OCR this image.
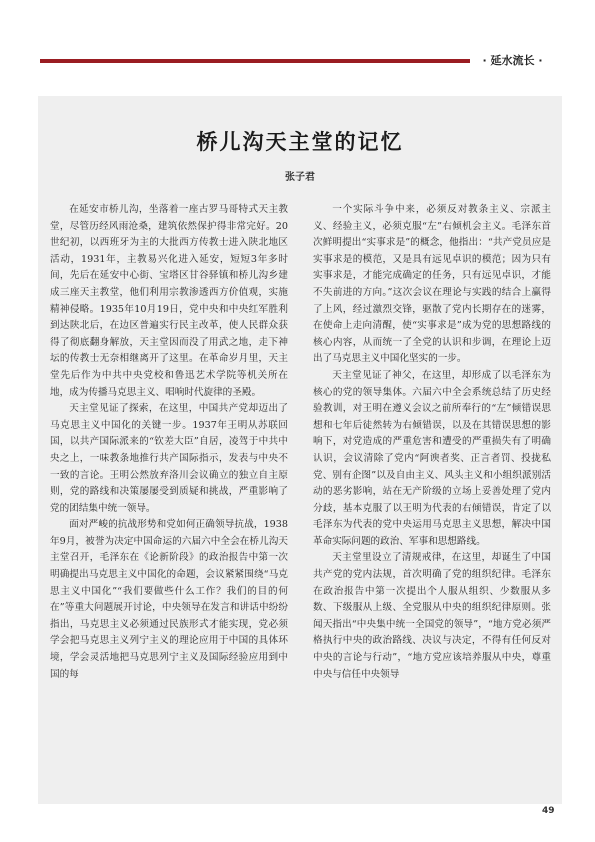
· 延水流长 ·
桥儿沟天主堂的记忆
张子君

在延安市桥儿沟，坐落着一座古罗马哥特式天主教堂，尽管历经风雨沧桑，建筑依然保护得非常完好。20世纪初，以西班牙为主的大批西方传教士进入陕北地区活动，1931年，主教易兴化进入延安，短短3年多时间，先后在延安中心街、宝塔区甘谷驿镇和桥儿沟乡建成三座天主教堂，他们利用宗教渗透西方价值观，实施精神侵略。1935年10月19日，党中央和中央红军胜利到达陕北后，在边区普遍实行民主改革，使人民群众获得了彻底翻身解放，天主堂因而没了用武之地，走下神坛的传教士无奈相继离开了这里。在革命岁月里，天主堂先后作为中共中央党校和鲁迅艺术学院等机关所在地，成为传播马克思主义、唱响时代旋律的圣殿。

天主堂见证了探索，在这里，中国共产党却迈出了马克思主义中国化的关键一步。1937年王明从苏联回国，以共产国际派来的“钦差大臣”自居，凌驾于中共中央之上，一味教条地推行共产国际指示，发表与中央不一致的言论。王明公然放弃洛川会议确立的独立自主原则，党的路线和决策屡屡受到质疑和挑战，严重影响了党的团结集中统一领导。

面对严峻的抗战形势和党如何正确领导抗战，1938年9月，被誉为决定中国命运的六届六中全会在桥儿沟天主堂召开，毛泽东在《论新阶段》的政治报告中第一次明确提出马克思主义中国化的命题，会议紧紧围绕“马克思主义中国化”“我们要做些什么工作？我们的目的何在”等重大问题展开讨论，中央领导在发言和讲话中纷纷指出，马克思主义必须通过民族形式才能实现，党必须学会把马克思主义列宁主义的理论应用于中国的具体环境，学会灵活地把马克思列宁主义及国际经验应用到中国的每

一个实际斗争中来，必须反对教条主义、宗派主义、经验主义，必须克服“左”右倾机会主义。毛泽东首次鲜明提出“实事求是”的概念，他指出：“共产党员应是实事求是的模范，又是具有远见卓识的模范；因为只有实事求是，才能完成确定的任务，只有远见卓识，才能不失前进的方向。”这次会议在理论与实践的结合上赢得了上风，经过激烈交锋，驱散了党内长期存在的迷雾，在使命上走向清醒，使“实事求是”成为党的思想路线的核心内容，从而统一了全党的认识和步调，在理论上迈出了马克思主义中国化坚实的一步。

天主堂见证了神父，在这里，却形成了以毛泽东为核心的党的领导集体。六届六中全会系统总结了历史经验教训，对王明在遵义会议之前所奉行的“左”倾错误思想和七年后徒然转为右倾错误，以及在其错误思想的影响下，对党造成的严重危害和遭受的严重损失有了明确认识，会议清除了党内“阿谀者奖、正言者罚、投拢私党、别有企图”以及自由主义、风头主义和小组织派别活动的恶劣影响，站在无产阶级的立场上妥善处理了党内分歧，基本克服了以王明为代表的右倾错误，肯定了以毛泽东为代表的党中央运用马克思主义思想，解决中国革命实际问题的政治、军事和思想路线。

天主堂里设立了清规戒律，在这里，却诞生了中国共产党的党内法规，首次明确了党的组织纪律。毛泽东在政治报告中第一次提出个人服从组织、少数服从多数、下级服从上级、全党服从中央的组织纪律原则。张闻天指出“中央集中统一全国党的领导”，“地方党必须严格执行中央的政治路线、决议与决定，不得有任何反对中央的言论与行动”，“地方党应该培养服从中央，尊重中央与信任中央领导

49
